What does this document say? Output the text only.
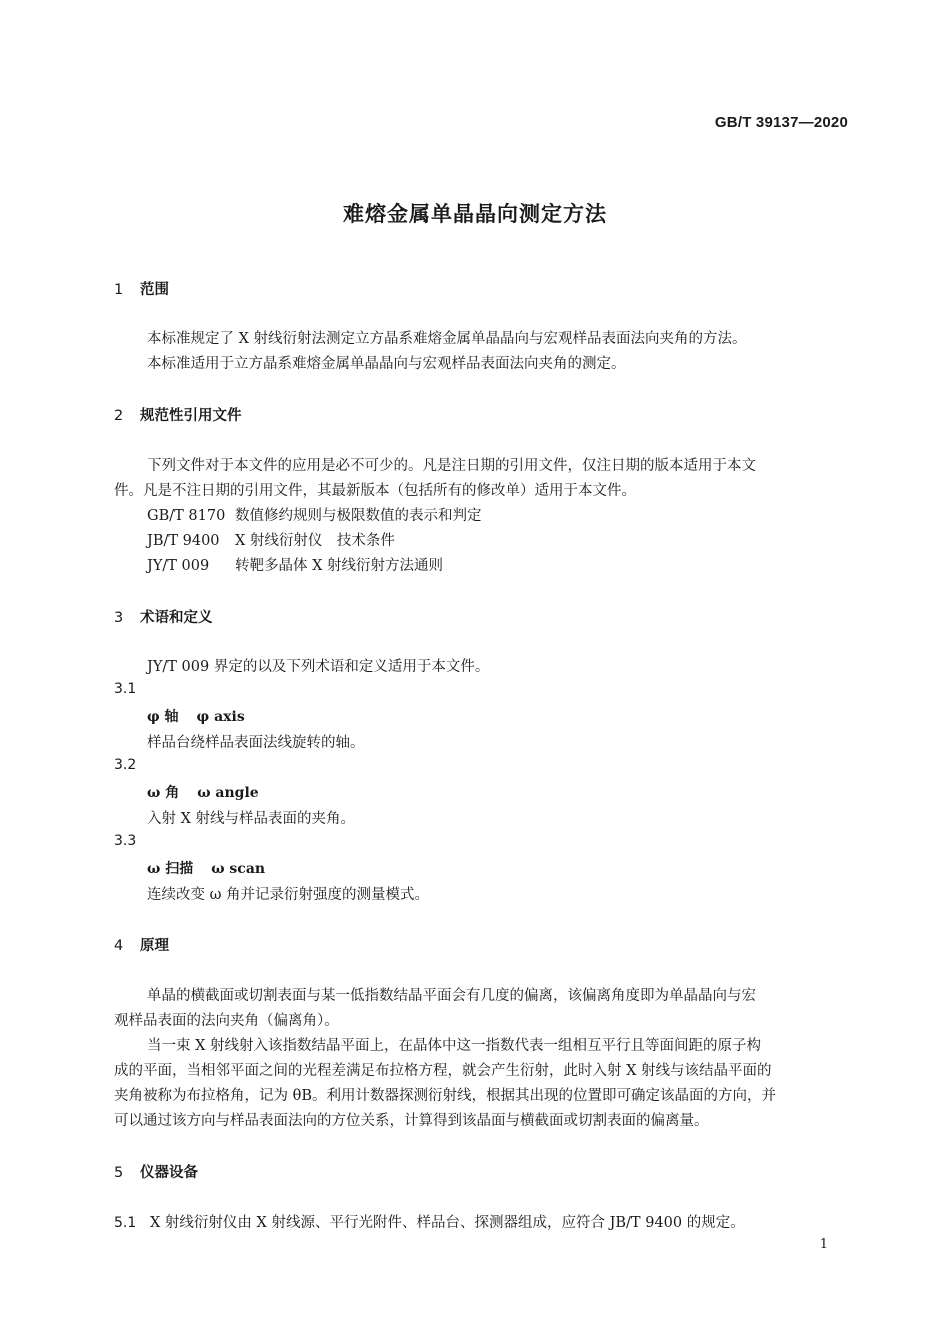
GB/T 39137—2020
难熔金属单晶晶向测定方法
1 范围
本标准规定了 X 射线衍射法测定立方晶系难熔金属单晶晶向与宏观样品表面法向夹角的方法。
本标准适用于立方晶系难熔金属单晶晶向与宏观样品表面法向夹角的测定。
2 规范性引用文件
下列文件对于本文件的应用是必不可少的。凡是注日期的引用文件，仅注日期的版本适用于本文
件。凡是不注日期的引用文件，其最新版本（包括所有的修改单）适用于本文件。
GB/T 8170 数值修约规则与极限数值的表示和判定
JB/T 9400 X 射线衍射仪　技术条件
JY/T 009 转靶多晶体 X 射线衍射方法通则
3 术语和定义
JY/T 009 界定的以及下列术语和定义适用于本文件。
3.1
φ 轴 φ axis
样品台绕样品表面法线旋转的轴。
3.2
ω 角 ω angle
入射 X 射线与样品表面的夹角。
3.3
ω 扫描 ω scan
连续改变 ω 角并记录衍射强度的测量模式。
4 原理
单晶的横截面或切割表面与某一低指数结晶平面会有几度的偏离，该偏离角度即为单晶晶向与宏
观样品表面的法向夹角（偏离角）。
当一束 X 射线射入该指数结晶平面上，在晶体中这一指数代表一组相互平行且等面间距的原子构
成的平面，当相邻平面之间的光程差满足布拉格方程，就会产生衍射，此时入射 X 射线与该结晶平面的
夹角被称为布拉格角，记为 θB。利用计数器探测衍射线，根据其出现的位置即可确定该晶面的方向，并
可以通过该方向与样品表面法向的方位关系，计算得到该晶面与横截面或切割表面的偏离量。
5 仪器设备
5.1 X 射线衍射仪由 X 射线源、平行光附件、样品台、探测器组成，应符合 JB/T 9400 的规定。
1
